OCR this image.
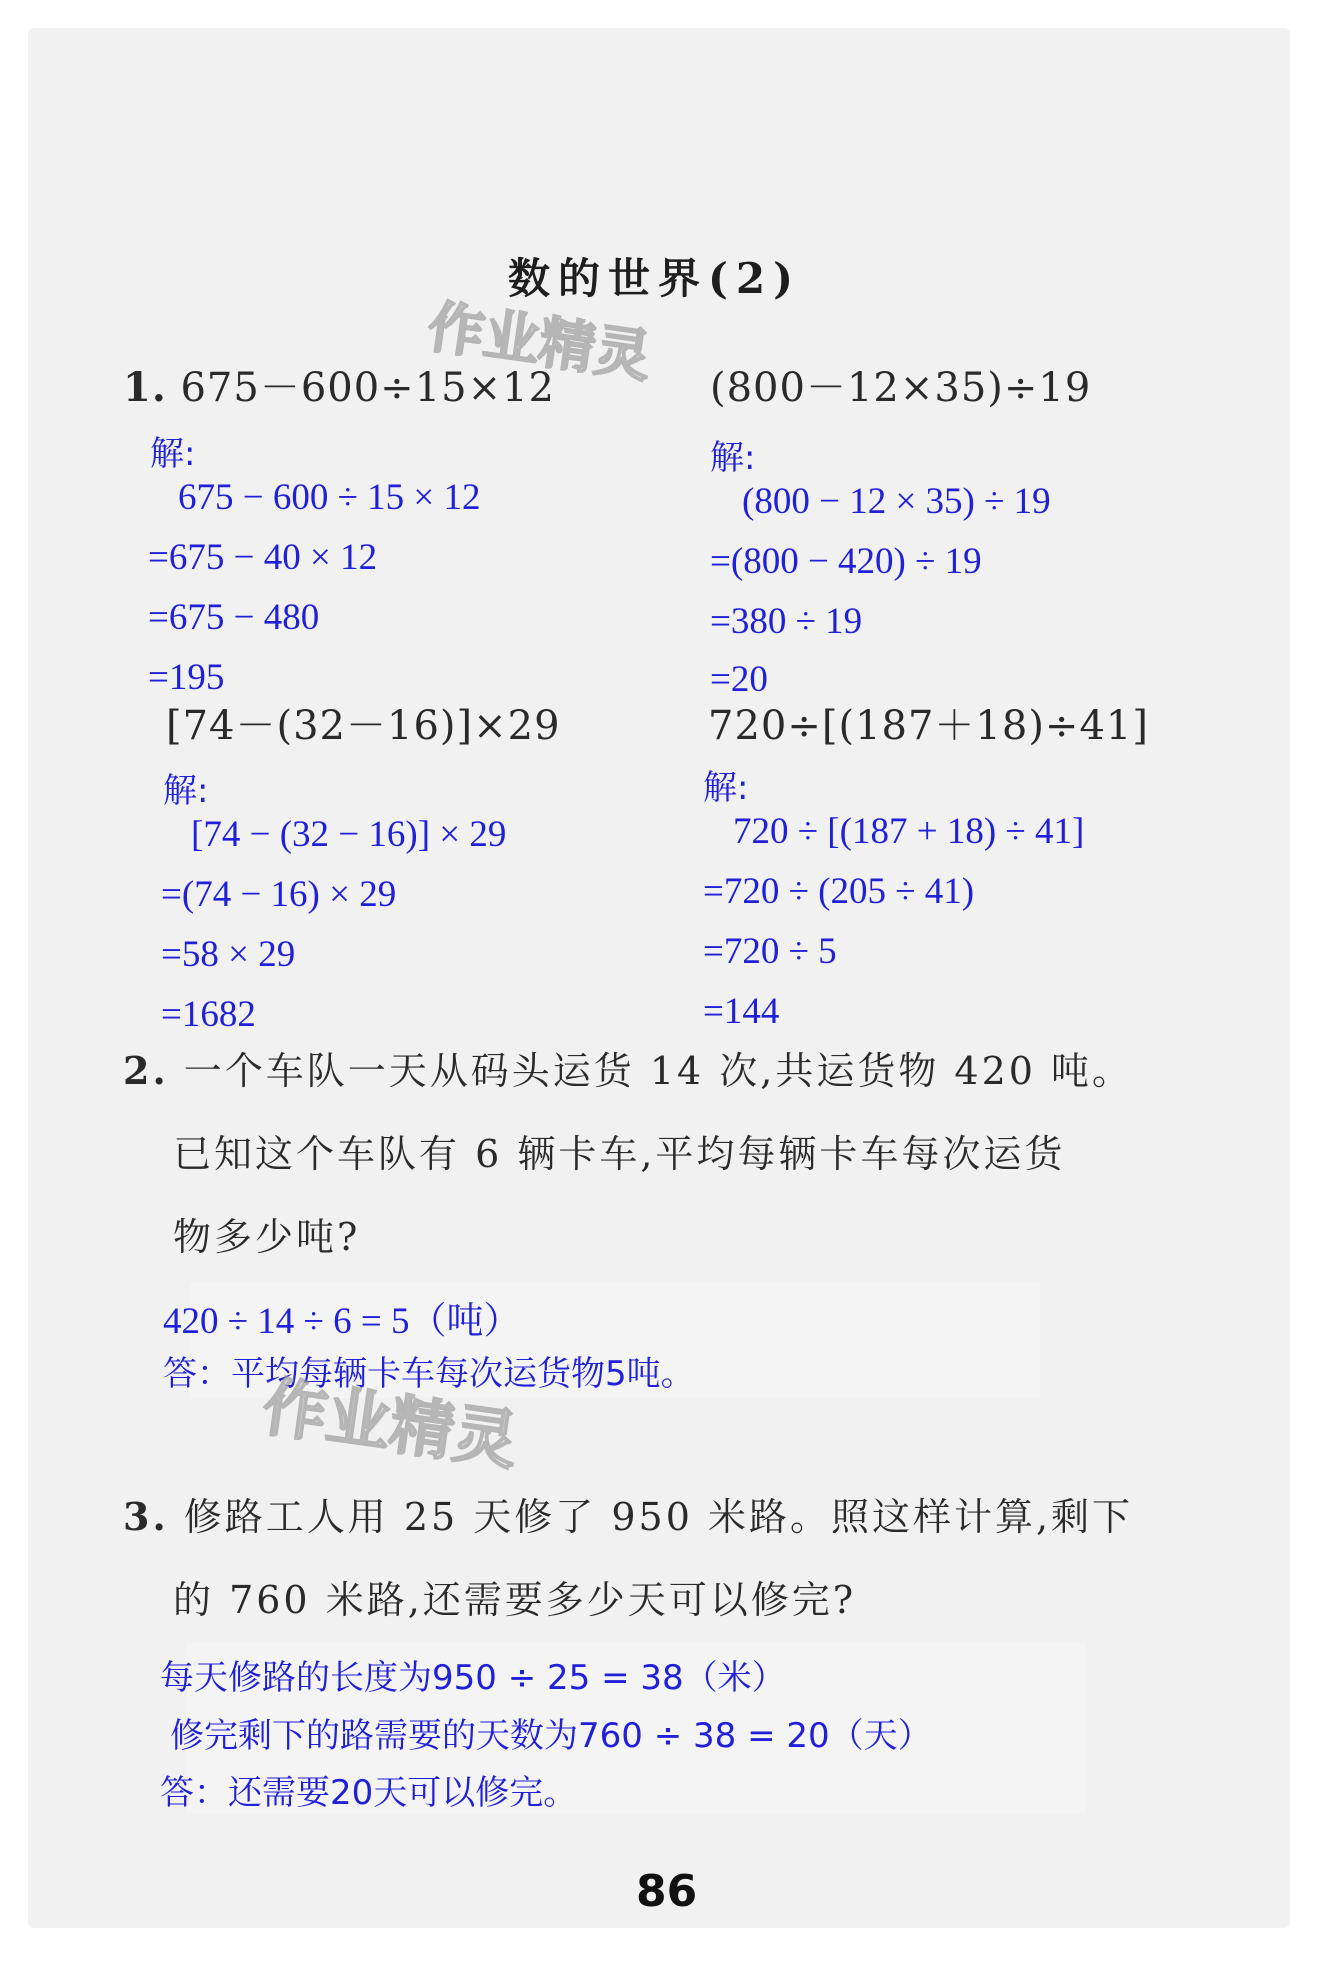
数的世界(2)
作业精灵
1. 675－600÷15×12	(800－12×35)÷19
解:
675 − 600 ÷ 15 × 12
=675 − 40 × 12
=675 − 480
=195
解:
(800 − 12 × 35) ÷ 19
=(800 − 420) ÷ 19
=380 ÷ 19
=20
[74－(32－16)]×29	720÷[(187＋18)÷41]
解:
[74 − (32 − 16)] × 29
=(74 − 16) × 29
=58 × 29
=1682
解:
720 ÷ [(187 + 18) ÷ 41]
=720 ÷ (205 ÷ 41)
=720 ÷ 5
=144
2. 一个车队一天从码头运货 14 次,共运货物 420 吨。
已知这个车队有 6 辆卡车,平均每辆卡车每次运货
物多少吨?
420 ÷ 14 ÷ 6 = 5（吨）
答：平均每辆卡车每次运货物5吨。
作业精灵
3. 修路工人用 25 天修了 950 米路。照这样计算,剩下
的 760 米路,还需要多少天可以修完?
每天修路的长度为950 ÷ 25 = 38（米）
修完剩下的路需要的天数为760 ÷ 38 = 20（天）
答：还需要20天可以修完。
86
